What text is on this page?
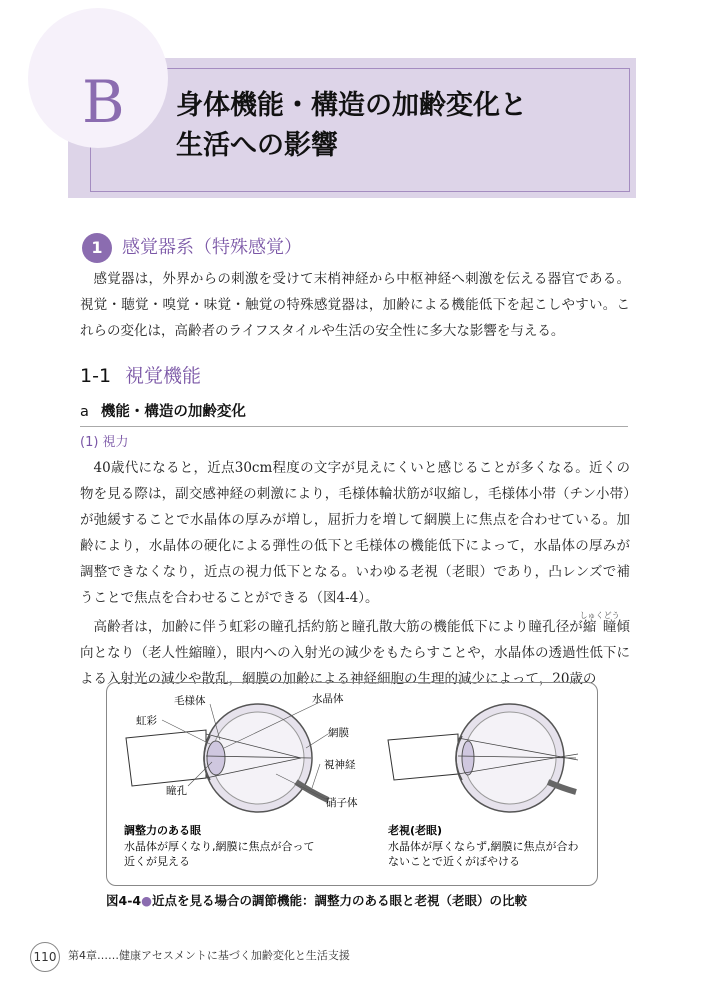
B	身体機能・構造の加齢変化と
生活への影響
1	感覚器系（特殊感覚）

感覚器は，外界からの刺激を受けて末梢神経から中枢神経へ刺激を伝える器官である。視覚・聴覚・嗅覚・味覚・触覚の特殊感覚器は，加齢による機能低下を起こしやすい。これらの変化は，高齢者のライフスタイルや生活の安全性に多大な影響を与える。

1-1 視覚機能
a 機能・構造の加齢変化
(1) 視力

40歳代になると，近点30cm程度の文字が見えにくいと感じることが多くなる。近くの物を見る際は，副交感神経の刺激により，毛様体輪状筋が収縮し，毛様体小帯（チン小帯）が弛緩することで水晶体の厚みが増し，屈折力を増して網膜上に焦点を合わせている。加齢により，水晶体の硬化による弾性の低下と毛様体の機能低下によって，水晶体の厚みが調整できなくなり，近点の視力低下となる。いわゆる老視（老眼）であり，凸レンズで補うことで焦点を合わせることができる（図4-4）。

高齢者は，加齢に伴う虹彩の瞳孔括約筋と瞳孔散大筋の機能低下により瞳孔径が縮瞳しゅくどう傾向となり（老人性縮瞳），眼内への入射光の減少をもたらすことや，水晶体の透過性低下による入射光の減少や散乱，網膜の加齢による神経細胞の生理的減少によって，20歳の

毛様体
虹彩
水晶体
網膜
視神経
瞳孔
硝子体
調整力のある眼
水晶体が厚くなり,網膜に焦点が合って
近くが見える
老視(老眼)
水晶体が厚くならず,網膜に焦点が合わ
ないことで近くがぼやける
図4-4●近点を見る場合の調節機能：調整力のある眼と老視（老眼）の比較
110	第4章……健康アセスメントに基づく加齢変化と生活支援
